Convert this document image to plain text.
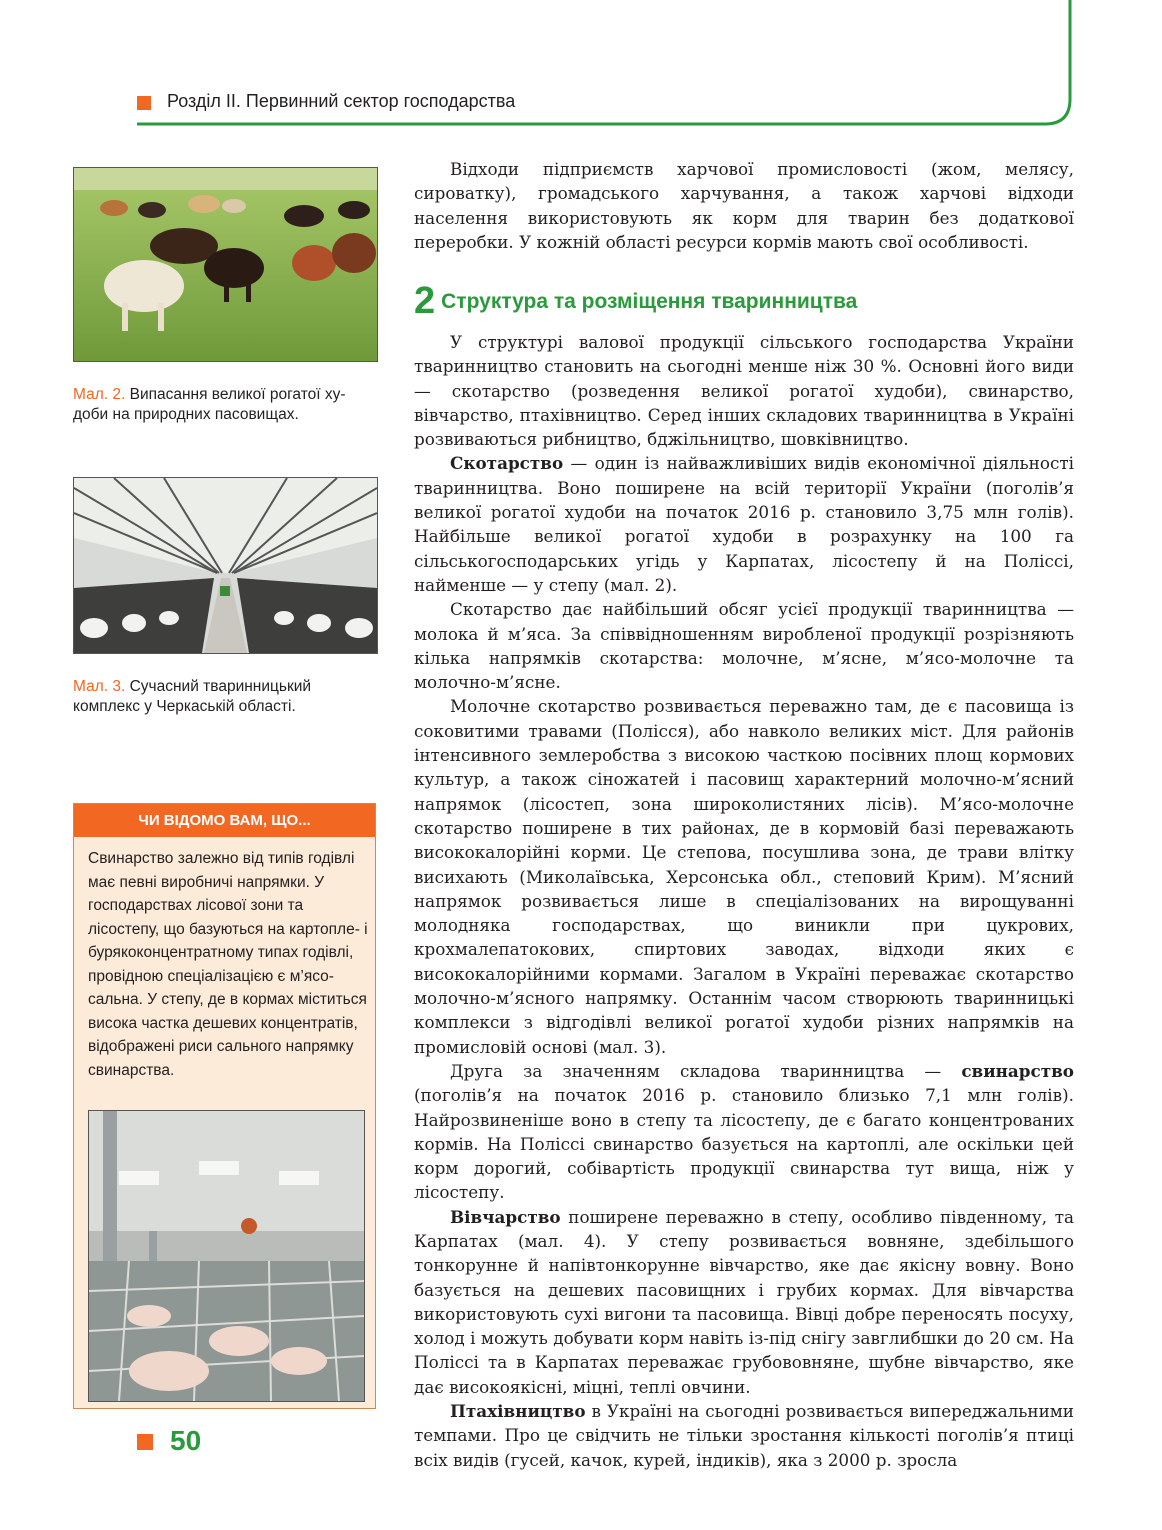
Розділ ІІ. Первинний сектор господарства
Мал. 2. Випасання великої рогатої ху-доби на природних пасовищах.
Мал. 3. Сучасний тваринницький комплекс у Черкаській області.
ЧИ ВІДОМО ВАМ, ЩО...
Свинарство залежно від типів годівлі має певні виробничі напрямки. У господарствах лісової зони та лісостепу, що базуються на картопле- і бурякоконцентратному типах годівлі, провідною спеціалізацією є м’ясо-сальна. У степу, де в кормах міститься висока частка дешевих концентратів, відображені риси сального напрямку свинарства.

Відходи підприємств харчової промисловості (жом, мелясу, сироватку), громадського харчування, а також харчові відходи населення використовують як корм для тварин без додаткової переробки. У кожній області ресурси кормів мають свої особливості.

2 Структура та розміщення тваринництва

У структурі валової продукції сільського господарства України тваринництво становить на сьогодні менше ніж 30 %. Основні його види — скотарство (розведення великої рогатої худоби), свинарство, вівчарство, птахівництво. Серед інших складових тваринництва в Україні розвиваються рибництво, бджільництво, шовківництво.

Скотарство — один із найважливіших видів економічної діяльності тваринництва. Воно поширене на всій території України (поголів’я великої рогатої худоби на початок 2016 р. становило 3,75 млн голів). Найбільше великої рогатої худоби в розрахунку на 100 га сільськогосподарських угідь у Карпатах, лісостепу й на Поліссі, найменше — у степу (мал. 2).

Скотарство дає найбільший обсяг усієї продукції тваринництва — молока й м’яса. За співвідношенням виробленої продукції розрізняють кілька напрямків скотарства: молочне, м’ясне, м’ясо-молочне та молочно-м’ясне.

Молочне скотарство розвивається переважно там, де є пасовища із соковитими травами (Полісся), або навколо великих міст. Для районів інтенсивного землеробства з високою часткою посівних площ кормових культур, а також сіножатей і пасовищ характерний молочно-м’ясний напрямок (лісостеп, зона широколистяних лісів). М’ясо-молочне скотарство поширене в тих районах, де в кормовій базі переважають висококалорійні корми. Це степова, посушлива зона, де трави влітку висихають (Миколаївська, Херсонська обл., степовий Крим). М’ясний напрямок розвивається лише в спеціалізованих на вирощуванні молодняка господарствах, що виникли при цукрових, крохмалепатокових, спиртових заводах, відходи яких є висококалорійними кормами. Загалом в Україні переважає скотарство молочно-м’ясного напрямку. Останнім часом створюють тваринницькі комплекси з відгодівлі великої рогатої худоби різних напрямків на промисловій основі (мал. 3).

Друга за значенням складова тваринництва — свинарство (поголів’я на початок 2016 р. становило близько 7,1 млн голів). Найрозвиненіше воно в степу та лісостепу, де є багато концентрованих кормів. На Поліссі свинарство базується на картоплі, але оскільки цей корм дорогий, собівартість продукції свинарства тут вища, ніж у лісостепу.

Вівчарство поширене переважно в степу, особливо південному, та Карпатах (мал. 4). У степу розвивається вовняне, здебільшого тонкорунне й напівтонкорунне вівчарство, яке дає якісну вовну. Воно базується на дешевих пасовищних і грубих кормах. Для вівчарства використовують сухі вигони та пасовища. Вівці добре переносять посуху, холод і можуть добувати корм навіть із-під снігу завглибшки до 20 см. На Поліссі та в Карпатах переважає грубововняне, шубне вівчарство, яке дає високоякісні, міцні, теплі овчини.

Птахівництво в Україні на сьогодні розвивається випереджальними темпами. Про це свідчить не тільки зростання кількості поголів’я птиці всіх видів (гусей, качок, курей, індиків), яка з 2000 р. зросла

50
